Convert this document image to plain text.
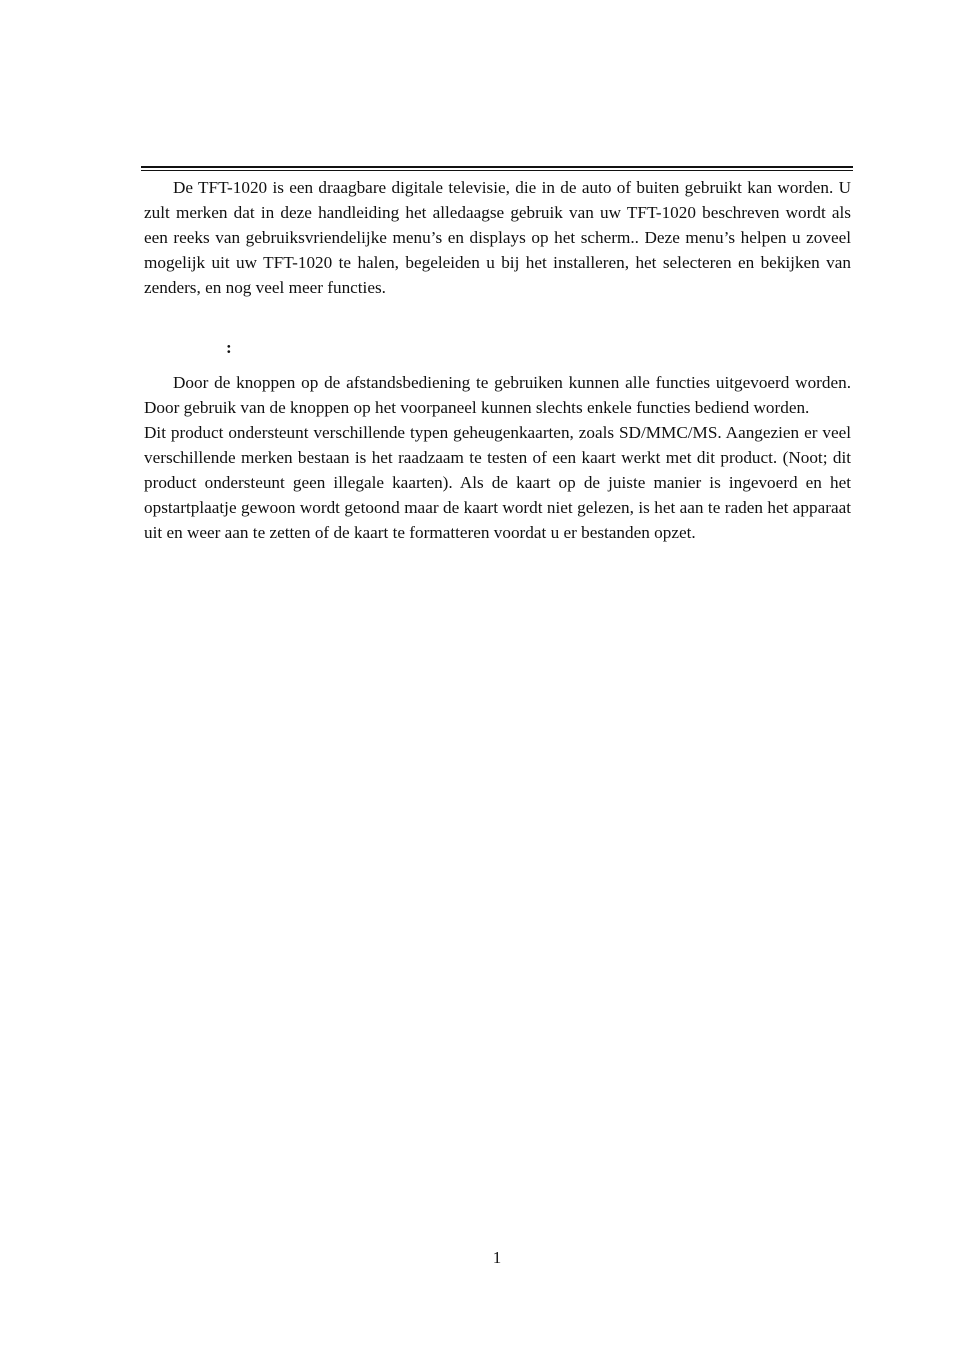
De TFT-1020 is een draagbare digitale televisie, die in de auto of buiten gebruikt kan worden. U zult merken dat in deze handleiding het alledaagse gebruik van uw TFT-1020 beschreven wordt als een reeks van gebruiksvriendelijke menu’s en displays op het scherm.. Deze menu’s helpen u zoveel mogelijk uit uw TFT-1020 te halen, begeleiden u bij het installeren, het selecteren en bekijken van zenders, en nog veel meer functies.

:

Door de knoppen op de afstandsbediening te gebruiken kunnen alle functies uitgevoerd worden. Door gebruik van de knoppen op het voorpaneel kunnen slechts enkele functies bediend worden.

Dit product ondersteunt verschillende typen geheugenkaarten, zoals SD/MMC/MS. Aangezien er veel verschillende merken bestaan is het raadzaam te testen of een kaart werkt met dit product. (Noot; dit product ondersteunt geen illegale kaarten). Als de kaart op de juiste manier is ingevoerd en het opstartplaatje gewoon wordt getoond maar de kaart wordt niet gelezen, is het aan te raden het apparaat uit en weer aan te zetten of de kaart te formatteren voordat u er bestanden opzet.

1
